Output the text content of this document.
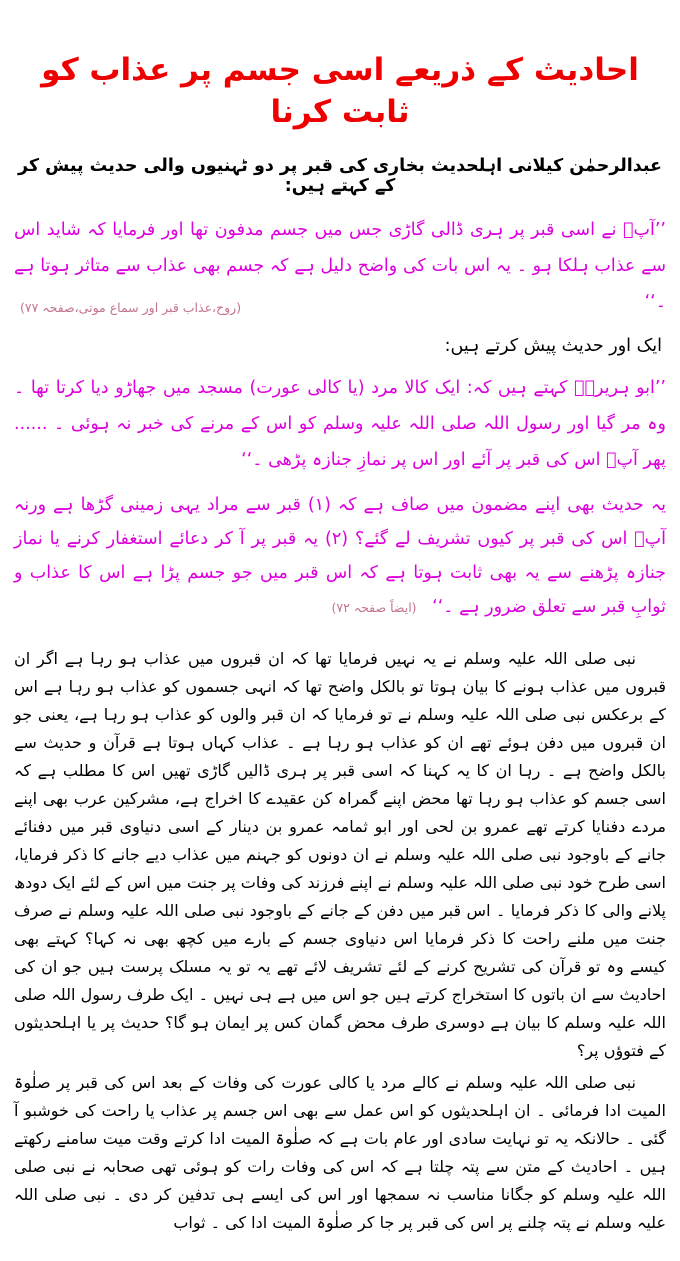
احادیث کے ذریعے اسی جسم پر عذاب کو ثابت کرنا

عبدالرحمٰن کیلانی اہلحدیث بخاری کی قبر پر دو ٹہنیوں والی حدیث پیش کر کے کہتے ہیں:

’’آپؐ نے اسی قبر پر ہری ڈالی گاڑی جس میں جسم مدفون تھا اور فرمایا کہ شاید اس سے عذاب ہلکا ہو ۔ یہ اس بات کی واضح دلیل ہے کہ جسم بھی عذاب سے متاثر ہوتا ہے ۔‘‘
(روح،عذاب قبر اور سماع موتی،صفحہ ۷۷)

ایک اور حدیث پیش کرتے ہیں:

’’ابو ہریرہؓ کہتے ہیں کہ: ایک کالا مرد (یا کالی عورت) مسجد میں جھاڑو دیا کرتا تھا ۔ وہ مر گیا اور رسول اللہ صلی اللہ علیہ وسلم کو اس کے مرنے کی خبر نہ ہوئی ۔ ...... پھر آپؐ اس کی قبر پر آئے اور اس پر نمازِ جنازہ پڑھی ۔‘‘
یہ حدیث بھی اپنے مضمون میں صاف ہے کہ (۱) قبر سے مراد یہی زمینی گڑھا ہے ورنہ آپؐ اس کی قبر پر کیوں تشریف لے گئے؟ (۲) یہ قبر پر آ کر دعائے استغفار کرنے یا نماز جنازہ پڑھنے سے یہ بھی ثابت ہوتا ہے کہ اس قبر میں جو جسم پڑا ہے اس کا عذاب و ثوابِ قبر سے تعلق ضرور ہے ۔‘‘ (ایضاً صفحہ ۷۲)

نبی صلی اللہ علیہ وسلم نے یہ نہیں فرمایا تھا کہ ان قبروں میں عذاب ہو رہا ہے اگر ان قبروں میں عذاب ہونے کا بیان ہوتا تو بالکل واضح تھا کہ انہی جسموں کو عذاب ہو رہا ہے اس کے برعکس نبی صلی اللہ علیہ وسلم نے تو فرمایا کہ ان قبر والوں کو عذاب ہو رہا ہے، یعنی جو ان قبروں میں دفن ہوئے تھے ان کو عذاب ہو رہا ہے ۔ عذاب کہاں ہوتا ہے قرآن و حدیث سے بالکل واضح ہے ۔ رہا ان کا یہ کہنا کہ اسی قبر پر ہری ڈالیں گاڑی تھیں اس کا مطلب ہے کہ اسی جسم کو عذاب ہو رہا تھا محض اپنے گمراہ کن عقیدے کا اخراج ہے، مشرکین عرب بھی اپنے مردے دفنایا کرتے تھے عمرو بن لحی اور ابو ثمامہ عمرو بن دینار کے اسی دنیاوی قبر میں دفنائے جانے کے باوجود نبی صلی اللہ علیہ وسلم نے ان دونوں کو جہنم میں عذاب دیے جانے کا ذکر فرمایا، اسی طرح خود نبی صلی اللہ علیہ وسلم نے اپنے فرزند کی وفات پر جنت میں اس کے لئے ایک دودھ پلانے والی کا ذکر فرمایا ۔ اس قبر میں دفن کے جانے کے باوجود نبی صلی اللہ علیہ وسلم نے صرف جنت میں ملنے راحت کا ذکر فرمایا اس دنیاوی جسم کے بارے میں کچھ بھی نہ کہا؟ کہتے بھی کیسے وہ تو قرآن کی تشریح کرنے کے لئے تشریف لائے تھے یہ تو یہ مسلک پرست ہیں جو ان کی احادیث سے ان باتوں کا استخراج کرتے ہیں جو اس میں ہے ہی نہیں ۔ ایک طرف رسول اللہ صلی اللہ علیہ وسلم کا بیان ہے دوسری طرف محض گمان کس پر ایمان ہو گا؟ حدیث پر یا اہلحدیثوں کے فتوؤں پر؟

نبی صلی اللہ علیہ وسلم نے کالے مرد یا کالی عورت کی وفات کے بعد اس کی قبر پر صلٰوۃ المیت ادا فرمائی ۔ ان اہلحدیثوں کو اس عمل سے بھی اس جسم پر عذاب یا راحت کی خوشبو آ گئی ۔ حالانکہ یہ تو نہایت سادی اور عام بات ہے کہ صلٰوۃ المیت ادا کرتے وقت میت سامنے رکھتے ہیں ۔ احادیث کے متن سے پتہ چلتا ہے کہ اس کی وفات رات کو ہوئی تھی صحابہ نے نبی صلی اللہ علیہ وسلم کو جگانا مناسب نہ سمجھا اور اس کی ایسے ہی تدفین کر دی ۔ نبی صلی اللہ علیہ وسلم نے پتہ چلنے پر اس کی قبر پر جا کر صلٰوۃ المیت ادا کی ۔ ثواب
